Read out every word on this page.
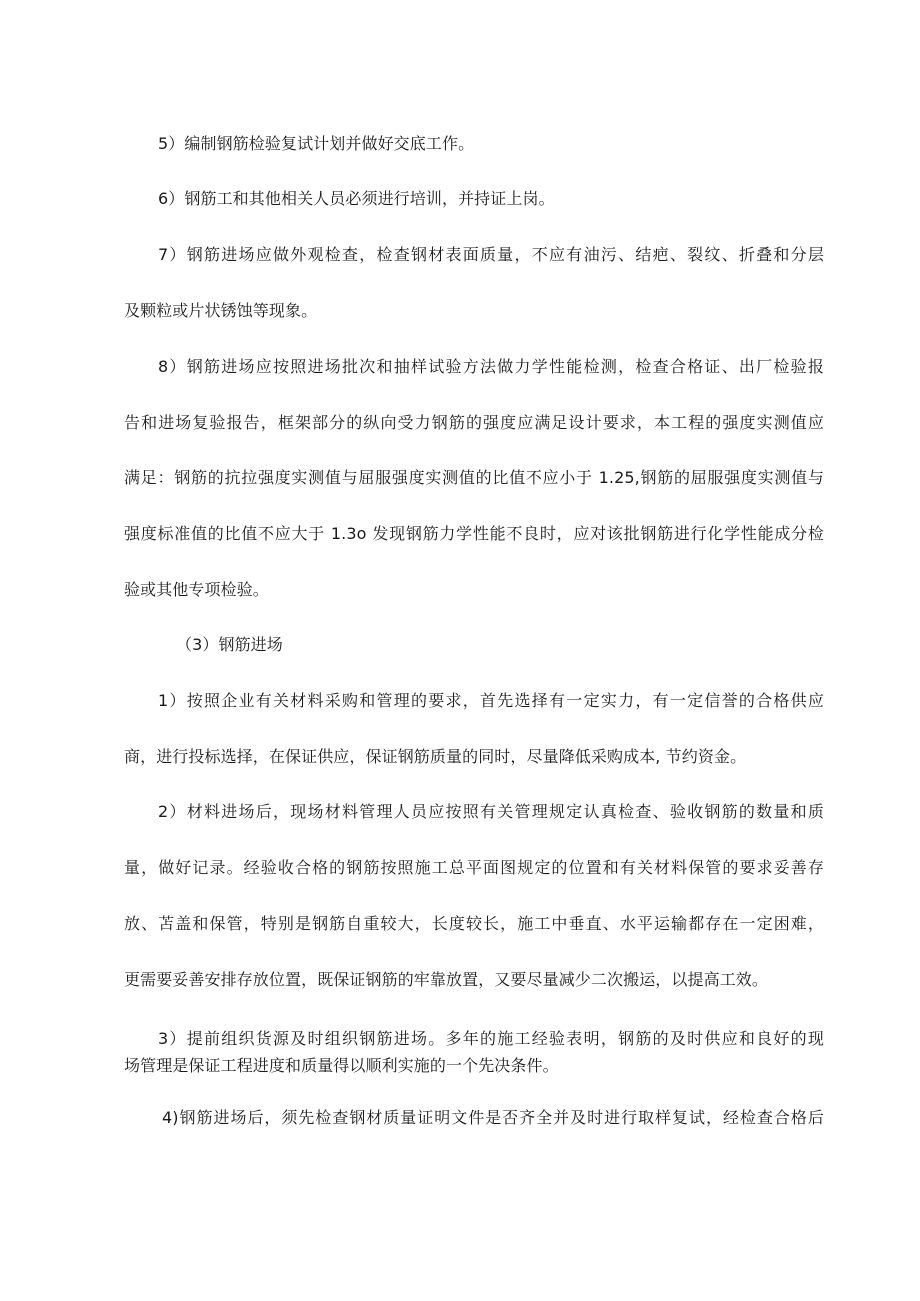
5）编制钢筋检验复试计划并做好交底工作。
6）钢筋工和其他相关人员必须进行培训，并持证上岗。
7）钢筋进场应做外观检查，检查钢材表面质量，不应有油污、结疤、裂纹、折叠和分层
及颗粒或片状锈蚀等现象。
8）钢筋进场应按照进场批次和抽样试验方法做力学性能检测，检查合格证、出厂检验报
告和进场复验报告，框架部分的纵向受力钢筋的强度应满足设计要求，本工程的强度实测值应
满足：钢筋的抗拉强度实测值与屈服强度实测值的比值不应小于 1.25,钢筋的屈服强度实测值与
强度标准值的比值不应大于 1.3o 发现钢筋力学性能不良时，应对该批钢筋进行化学性能成分检
验或其他专项检验。
（3）钢筋进场
1）按照企业有关材料采购和管理的要求，首先选择有一定实力，有一定信誉的合格供应
商，进行投标选择，在保证供应，保证钢筋质量的同时，尽量降低采购成本, 节约资金。
2）材料进场后，现场材料管理人员应按照有关管理规定认真检查、验收钢筋的数量和质
量，做好记录。经验收合格的钢筋按照施工总平面图规定的位置和有关材料保管的要求妥善存
放、苫盖和保管，特别是钢筋自重较大，长度较长，施工中垂直、水平运输都存在一定困难，
更需要妥善安排存放位置，既保证钢筋的牢靠放置，又要尽量减少二次搬运，以提高工效。
3）提前组织货源及时组织钢筋进场。多年的施工经验表明，钢筋的及时供应和良好的现
场管理是保证工程进度和质量得以顺利实施的一个先决条件。
4)钢筋进场后，须先检查钢材质量证明文件是否齐全并及时进行取样复试，经检查合格后
